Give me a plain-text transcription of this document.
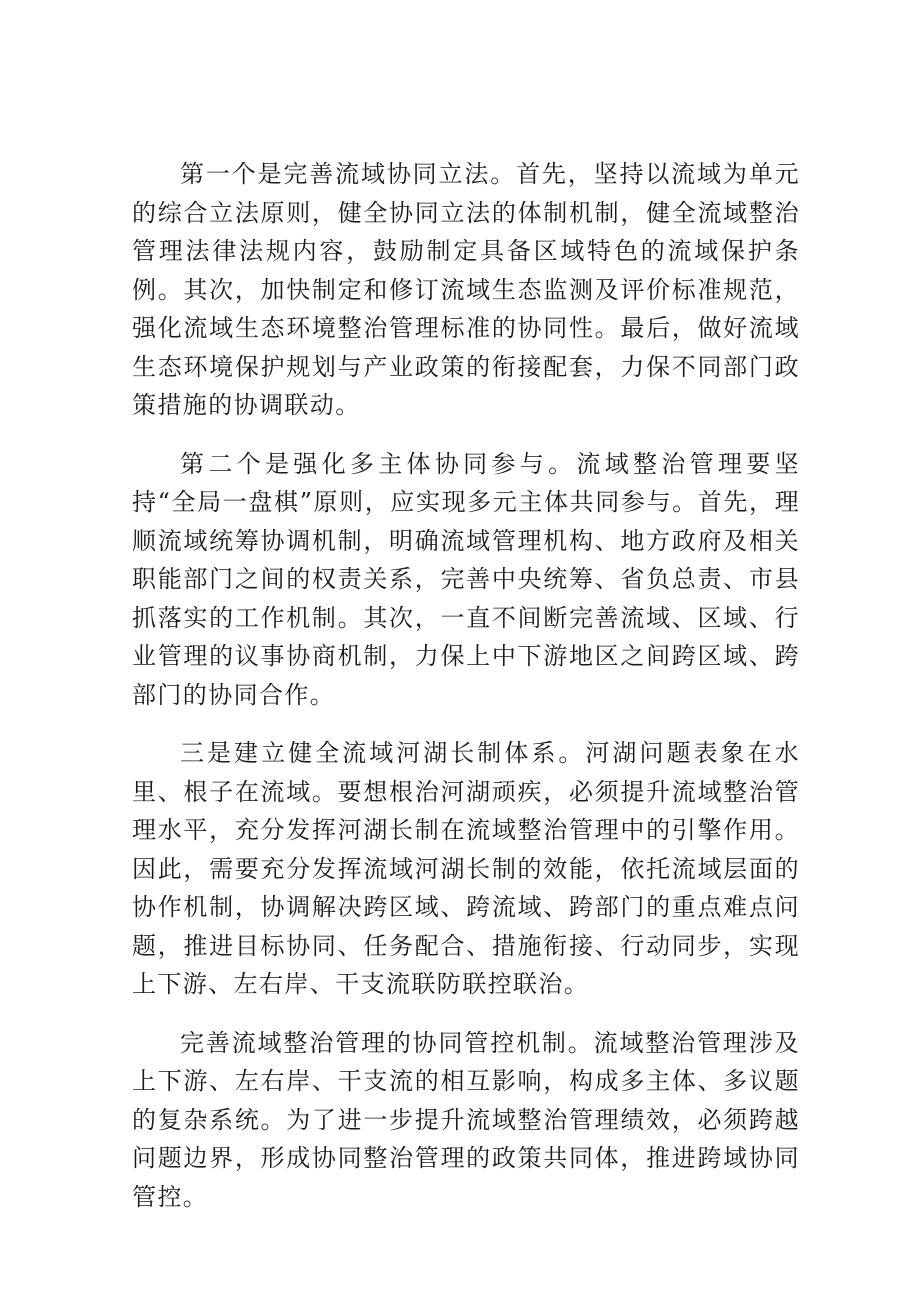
第一个是完善流域协同立法。首先，坚持以流域为单元的综合立法原则，健全协同立法的体制机制，健全流域整治管理法律法规内容，鼓励制定具备区域特色的流域保护条例。其次，加快制定和修订流域生态监测及评价标准规范，强化流域生态环境整治管理标准的协同性。最后，做好流域生态环境保护规划与产业政策的衔接配套，力保不同部门政策措施的协调联动。

第二个是强化多主体协同参与。流域整治管理要坚持“全局一盘棋”原则，应实现多元主体共同参与。首先，理顺流域统筹协调机制，明确流域管理机构、地方政府及相关职能部门之间的权责关系，完善中央统筹、省负总责、市县抓落实的工作机制。其次，一直不间断完善流域、区域、行业管理的议事协商机制，力保上中下游地区之间跨区域、跨部门的协同合作。

三是建立健全流域河湖长制体系。河湖问题表象在水里、根子在流域。要想根治河湖顽疾，必须提升流域整治管理水平，充分发挥河湖长制在流域整治管理中的引擎作用。因此，需要充分发挥流域河湖长制的效能，依托流域层面的协作机制，协调解决跨区域、跨流域、跨部门的重点难点问题，推进目标协同、任务配合、措施衔接、行动同步，实现上下游、左右岸、干支流联防联控联治。

完善流域整治管理的协同管控机制。流域整治管理涉及上下游、左右岸、干支流的相互影响，构成多主体、多议题的复杂系统。为了进一步提升流域整治管理绩效，必须跨越问题边界，形成协同整治管理的政策共同体，推进跨域协同管控。
